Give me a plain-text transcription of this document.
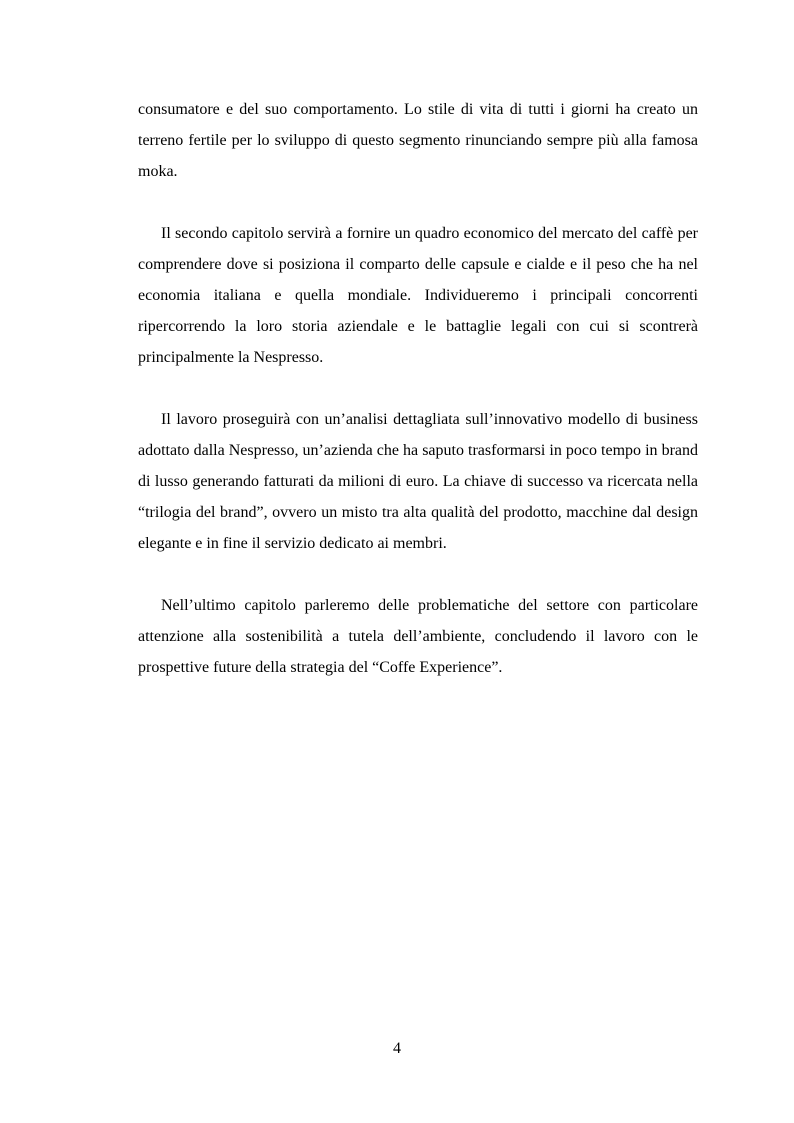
consumatore e del suo comportamento. Lo stile di vita di tutti i giorni ha creato un terreno fertile per lo sviluppo di questo segmento rinunciando sempre più alla famosa moka.

Il secondo capitolo servirà a fornire un quadro economico del mercato del caffè per comprendere dove si posiziona il comparto delle capsule e cialde e il peso che ha nel economia italiana e quella mondiale. Individueremo i principali concorrenti ripercorrendo la loro storia aziendale e le battaglie legali con cui si scontrerà principalmente la Nespresso.

Il lavoro proseguirà con un’analisi dettagliata sull’innovativo modello di business adottato dalla Nespresso, un’azienda che ha saputo trasformarsi in poco tempo in brand di lusso generando fatturati da milioni di euro. La chiave di successo va ricercata nella “trilogia del brand”, ovvero un misto tra alta qualità del prodotto, macchine dal design elegante e in fine il servizio dedicato ai membri.

Nell’ultimo capitolo parleremo delle problematiche del settore con particolare attenzione alla sostenibilità a tutela dell’ambiente, concludendo il lavoro con le prospettive future della strategia del “Coffe Experience”.

4
